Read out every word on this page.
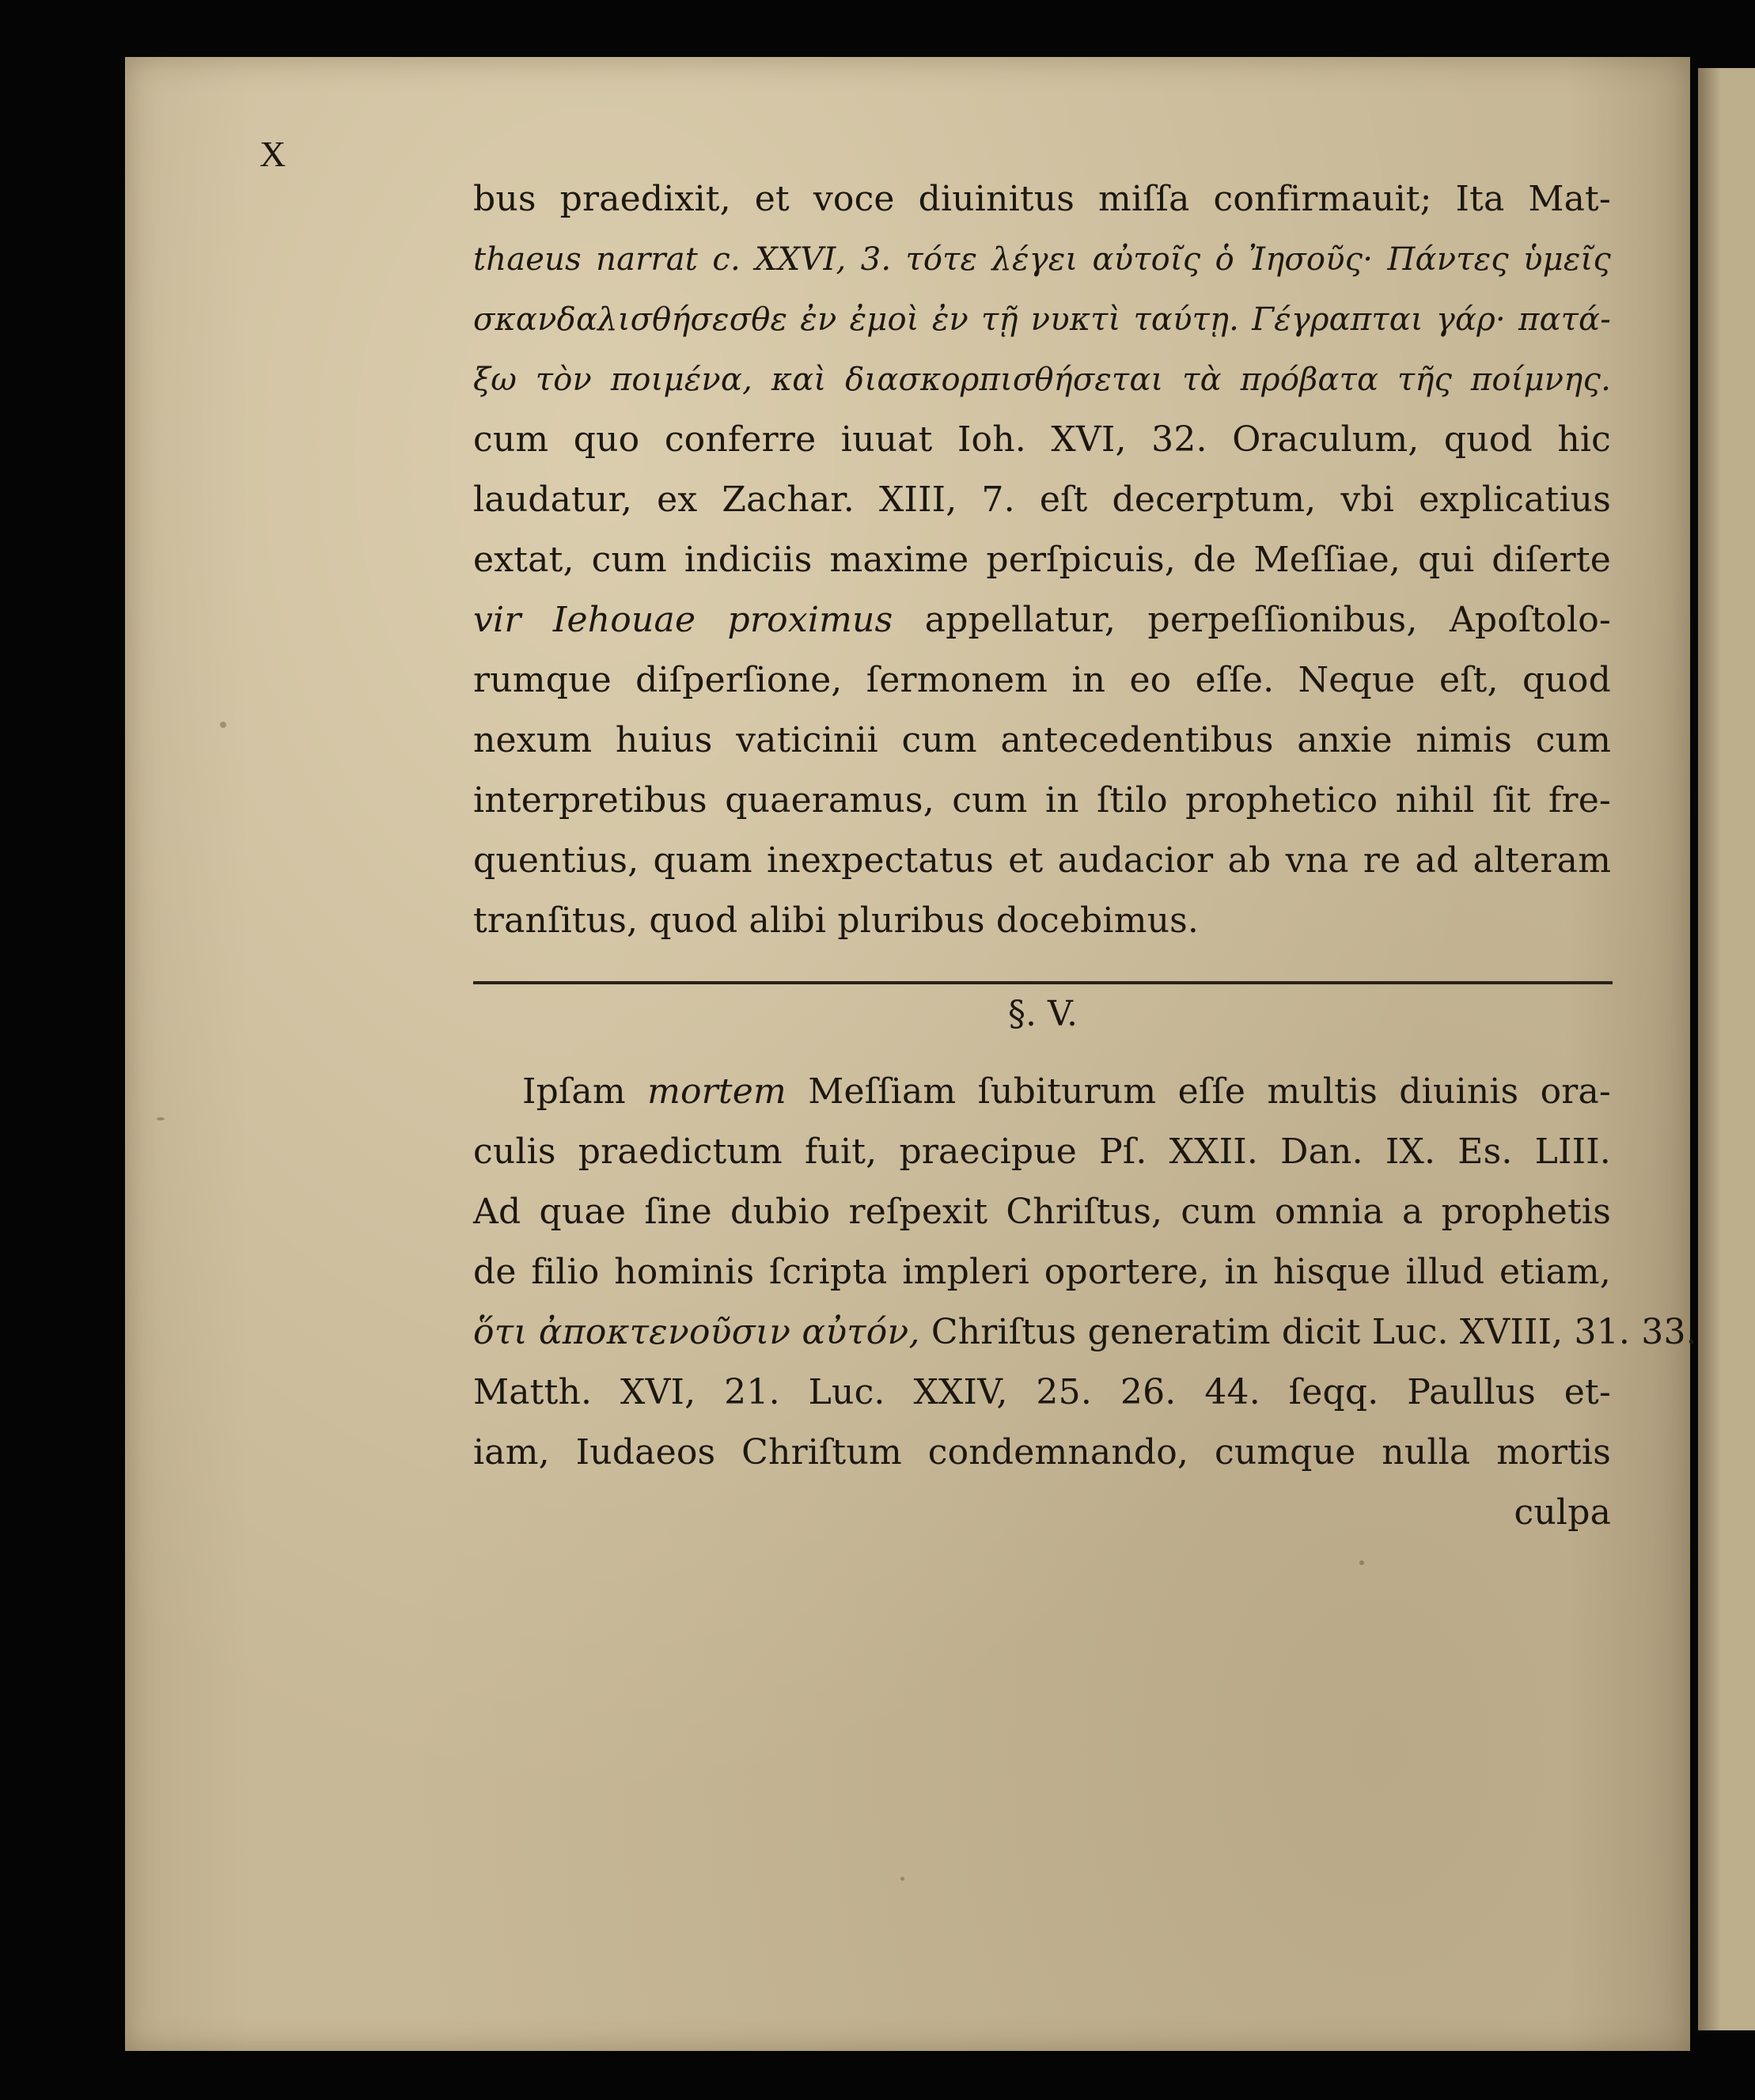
X
bus praedixit, et voce diuinitus miſſa confirmauit; Ita Mat-
thaeus narrat c. XXVI, 3. τότε λέγει αὐτοῖς ὁ Ἰησοῦς· Πάντες ὑμεῖς
σκανδαλισθήσεσθε ἐν ἐμοὶ ἐν τῇ νυκτὶ ταύτῃ. Γέγραπται γάρ· πατά-
ξω τὸν ποιμένα, καὶ διασκορπισθήσεται τὰ πρόβατα τῆς ποίμνης.
cum quo conferre iuuat Ioh. XVI, 32. Oraculum, quod hic
laudatur, ex Zachar. XIII, 7. eſt decerptum, vbi explicatius
extat, cum indiciis maxime perſpicuis, de Meſſiae, qui diſerte
vir Iehouae proximus appellatur, perpeſſionibus, Apoſtolo-
rumque diſperſione, ſermonem in eo eſſe. Neque eſt, quod
nexum huius vaticinii cum antecedentibus anxie nimis cum
interpretibus quaeramus, cum in ſtilo prophetico nihil ſit fre-
quentius, quam inexpectatus et audacior ab vna re ad alteram
tranſitus, quod alibi pluribus docebimus.
§. V.
Ipſam mortem Meſſiam ſubiturum eſſe multis diuinis ora-
culis praedictum fuit, praecipue Pſ. XXII. Dan. IX. Es. LIII.
Ad quae ſine dubio reſpexit Chriſtus, cum omnia a prophetis
de filio hominis ſcripta impleri oportere, in hisque illud etiam,
ὅτι ἀποκτενοῦσιν αὐτόν, Chriſtus generatim dicit Luc. XVIII, 31. 33.
Matth. XVI, 21. Luc. XXIV, 25. 26. 44. ſeqq. Paullus et-
iam, Iudaeos Chriſtum condemnando, cumque nulla mortis
culpa
